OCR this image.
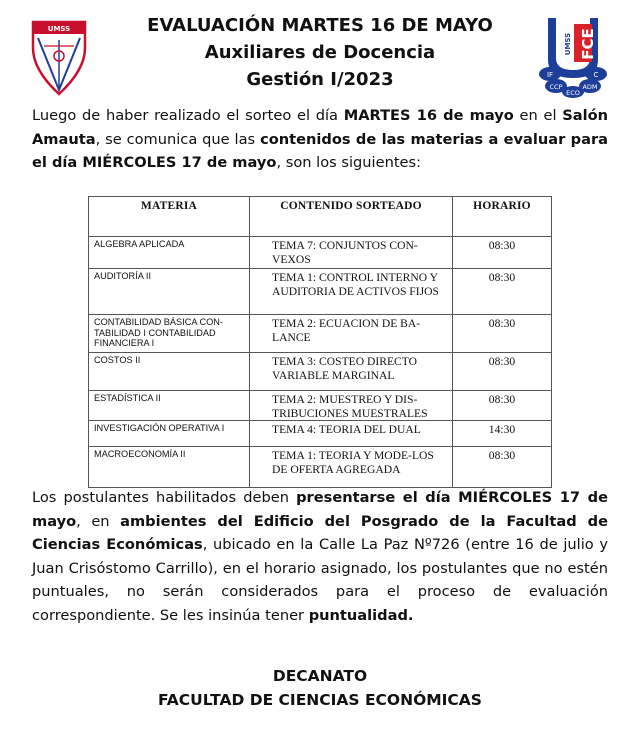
UMSS	EVALUACIÓN MARTES 16 DE MAYO
Auxiliares de Docencia
Gestión I/2023
FCE
UMSS
IF	C
CCP	ADM
ECO
Luego de haber realizado el sorteo el día MARTES 16 de mayo en el Salón Amauta, se comunica que las contenidos de las materias a evaluar para el día MIÉRCOLES 17 de mayo, son los siguientes:
MATERIA	CONTENIDO SORTEADO	HORARIO
ALGEBRA APLICADA	TEMA 7: CONJUNTOS CON-VEXOS	08:30
AUDITORÍA II	TEMA 1: CONTROL INTERNO Y AUDITORIA DE ACTIVOS FIJOS	08:30
CONTABILIDAD BÁSICA CON-TABILIDAD I CONTABILIDAD FINANCIERA I	TEMA 2: ECUACION DE BA-LANCE	08:30
COSTOS II	TEMA 3: COSTEO DIRECTO VARIABLE MARGINAL	08:30
ESTADÍSTICA II	TEMA 2: MUESTREO Y DIS-TRIBUCIONES MUESTRALES	08:30
INVESTIGACIÓN OPERATIVA I	TEMA 4: TEORIA DEL DUAL	14:30
MACROECONOMÍA II	TEMA 1: TEORIA Y MODE-LOS DE OFERTA AGREGADA	08:30
Los postulantes habilitados deben presentarse el día MIÉRCOLES 17 de mayo, en ambientes del Edificio del Posgrado de la Facultad de Ciencias Económicas, ubicado en la Calle La Paz Nº726 (entre 16 de julio y Juan Crisóstomo Carrillo), en el horario asignado, los postulantes que no estén puntuales, no serán considerados para el proceso de evaluación correspondiente. Se les insinúa tener puntualidad.
DECANATO
FACULTAD DE CIENCIAS ECONÓMICAS
